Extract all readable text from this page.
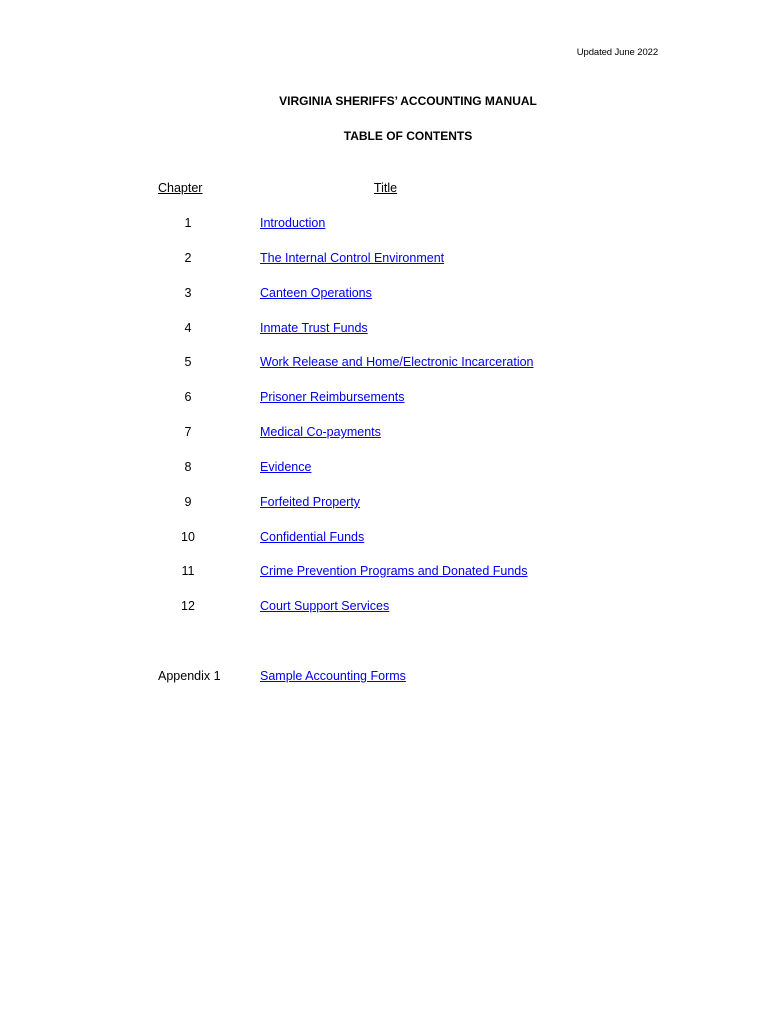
Updated June 2022
VIRGINIA SHERIFFS’ ACCOUNTING MANUAL
TABLE OF CONTENTS
Chapter	Title
1	Introduction
2	The Internal Control Environment
3	Canteen Operations
4	Inmate Trust Funds
5	Work Release and Home/Electronic Incarceration
6	Prisoner Reimbursements
7	Medical Co-payments
8	Evidence
9	Forfeited Property
10	Confidential Funds
11	Crime Prevention Programs and Donated Funds
12	Court Support Services
Appendix 1	Sample Accounting Forms
